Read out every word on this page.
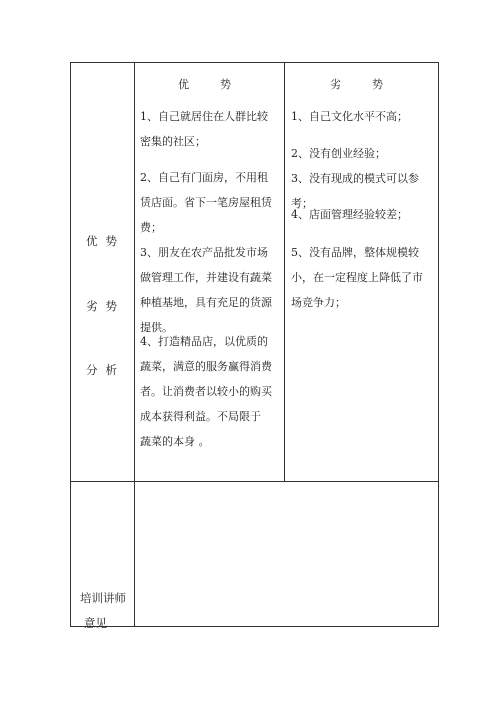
优　势	劣　势
优势
劣势
分析
培训讲师
意见

1、自己就居住在人群比较密集的社区；

2、自己有门面房，不用租赁店面。省下一笔房屋租赁费；

3、朋友在农产品批发市场做管理工作，并建设有蔬菜种植基地，具有充足的货源提供。

4、打造精品店，以优质的蔬菜，满意的服务赢得消费者。让消费者以较小的购买成本获得利益。不局限于　蔬菜的本身 。

1、自己文化水平不高；

2、没有创业经验；

3、没有现成的模式可以参考；

4、店面管理经验较差；

5、没有品牌，整体规模较小，在一定程度上降低了市场竞争力；
